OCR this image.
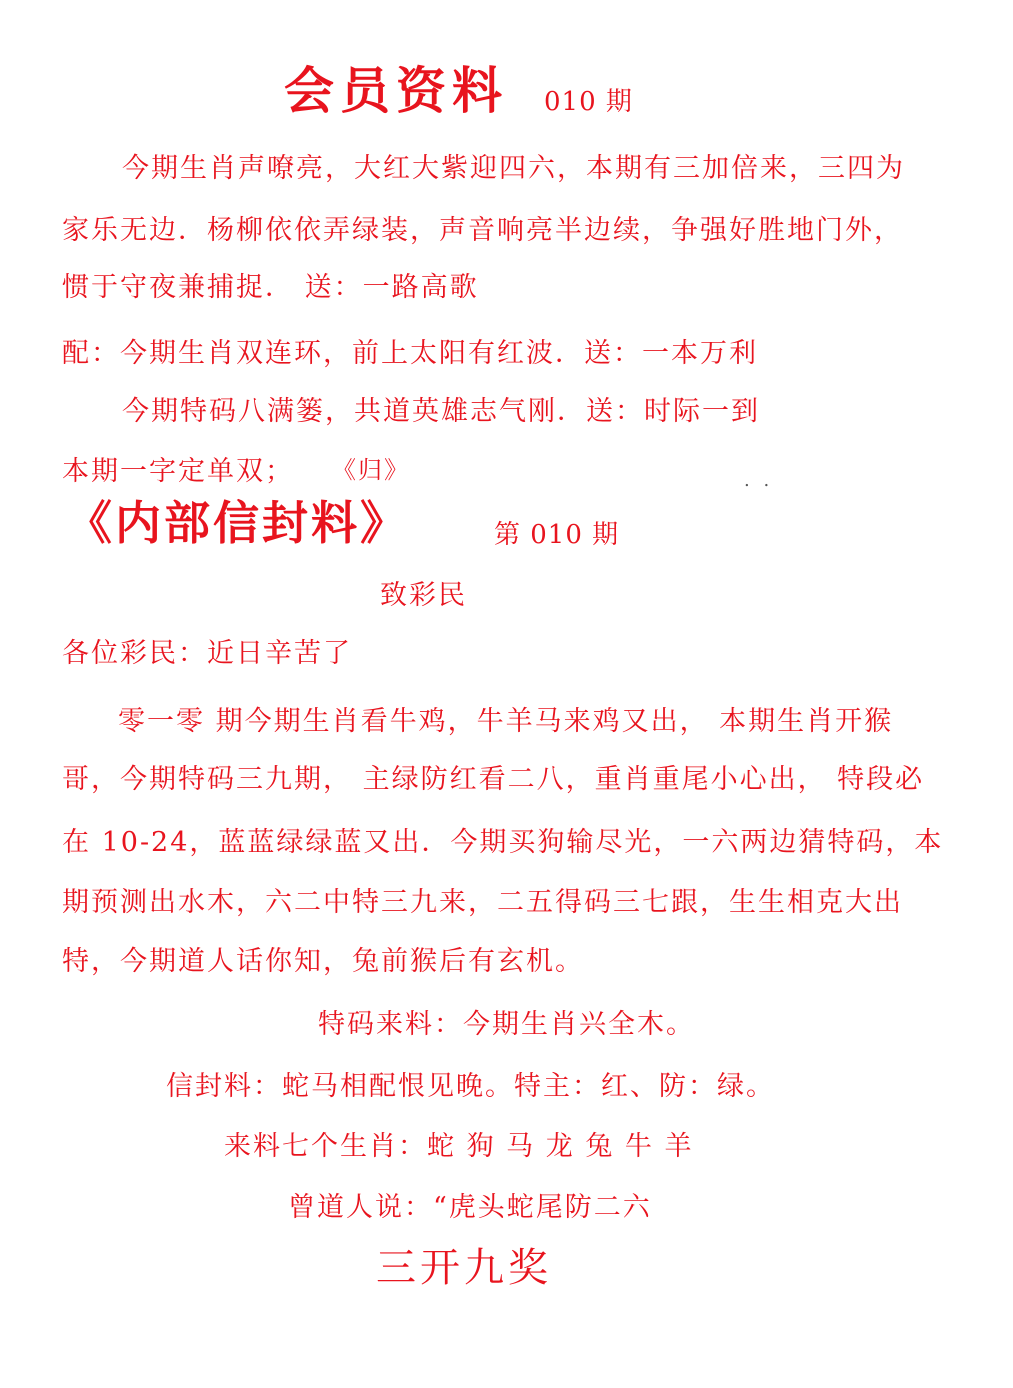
会员资料 010 期
今期生肖声嘹亮，大红大紫迎四六，本期有三加倍来，三四为
家乐无边．杨柳依依弄绿装，声音响亮半边续，争强好胜地门外，
惯于守夜兼捕捉． 送：一路高歌
配：今期生肖双连环，前上太阳有红波．送：一本万利
今期特码八满篓，共道英雄志气刚．送：时际一到
本期一字定单双； 《归》	. .
《内部信封料》	第 010 期
致彩民
各位彩民：近日辛苦了
零一零 期今期生肖看牛鸡，牛羊马来鸡又出， 本期生肖开猴
哥，今期特码三九期， 主绿防红看二八，重肖重尾小心出， 特段必
在 10-24，蓝蓝绿绿蓝又出．今期买狗输尽光，一六两边猜特码，本
期预测出水木，六二中特三九来，二五得码三七跟，生生相克大出
特，今期道人话你知，兔前猴后有玄机。
特码来料：今期生肖兴全木。
信封料：蛇马相配恨见晚。特主：红、防：绿。
来料七个生肖：蛇 狗 马 龙 兔 牛 羊
曾道人说：“虎头蛇尾防二六
三开九奖
